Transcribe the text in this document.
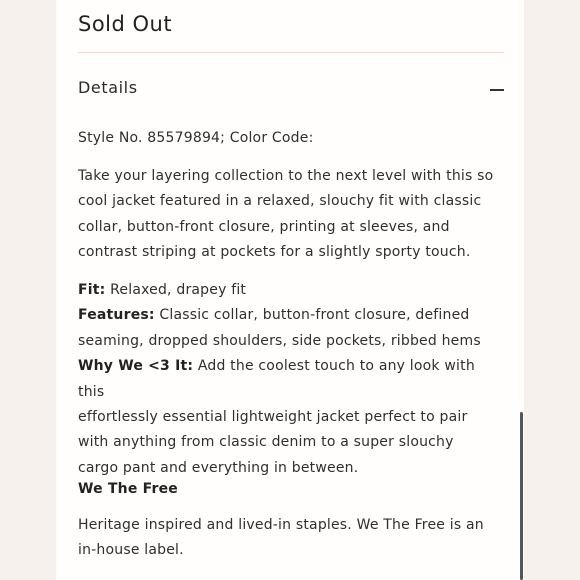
Sold Out
Details
Style No. 85579894; Color Code:
Take your layering collection to the next level with this so
cool jacket featured in a relaxed, slouchy fit with classic
collar, button-front closure, printing at sleeves, and
contrast striping at pockets for a slightly sporty touch.
Fit: Relaxed, drapey fit
Features: Classic collar, button-front closure, defined
seaming, dropped shoulders, side pockets, ribbed hems
Why We <3 It: Add the coolest touch to any look with this
effortlessly essential lightweight jacket perfect to pair
with anything from classic denim to a super slouchy
cargo pant and everything in between.
We The Free
Heritage inspired and lived-in staples. We The Free is an
in-house label.
